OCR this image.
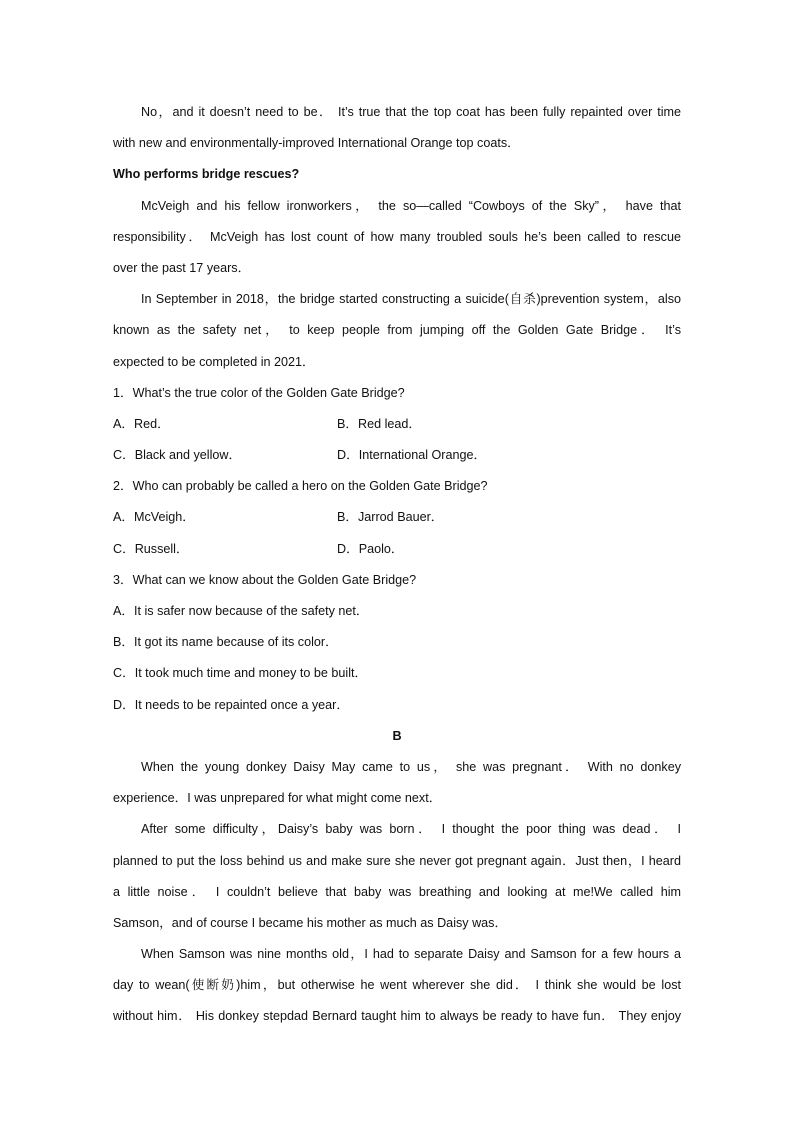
No，and it doesn’t need to be． It’s true that the top coat has been fully repainted over time
with new and environmentally-improved International Orange top coats．
Who performs bridge rescues?
McVeigh and his fellow ironworkers， the so—called “Cowboys of the Sky”， have that
responsibility． McVeigh has lost count of how many troubled souls he’s been called to rescue
over the past 17 years．
In September in 2018，the bridge started constructing a suicide(自杀)prevention system，also
known as the safety net， to keep people from jumping off the Golden Gate Bridge． It’s
expected to be completed in 2021．
1．What’s the true color of the Golden Gate Bridge?
A．Red．	B．Red lead．
C．Black and yellow．	D．International Orange．
2．Who can probably be called a hero on the Golden Gate Bridge?
A．McVeigh．	B．Jarrod Bauer．
C．Russell．	D．Paolo．
3．What can we know about the Golden Gate Bridge?
A．It is safer now because of the safety net．
B．It got its name because of its color．
C．It took much time and money to be built．
D．It needs to be repainted once a year．
B
When the young donkey Daisy May came to us， she was pregnant． With no donkey
experience．I was unprepared for what might come next．
After some difficulty，Daisy’s baby was born． I thought the poor thing was dead． I
planned to put the loss behind us and make sure she never got pregnant again．Just then，I heard
a little noise． I couldn’t believe that baby was breathing and looking at me!We called him
Samson，and of course I became his mother as much as Daisy was．
When Samson was nine months old，I had to separate Daisy and Samson for a few hours a
day to wean(使断奶)him，but otherwise he went wherever she did． I think she would be lost
without him． His donkey stepdad Bernard taught him to always be ready to have fun． They enjoy
